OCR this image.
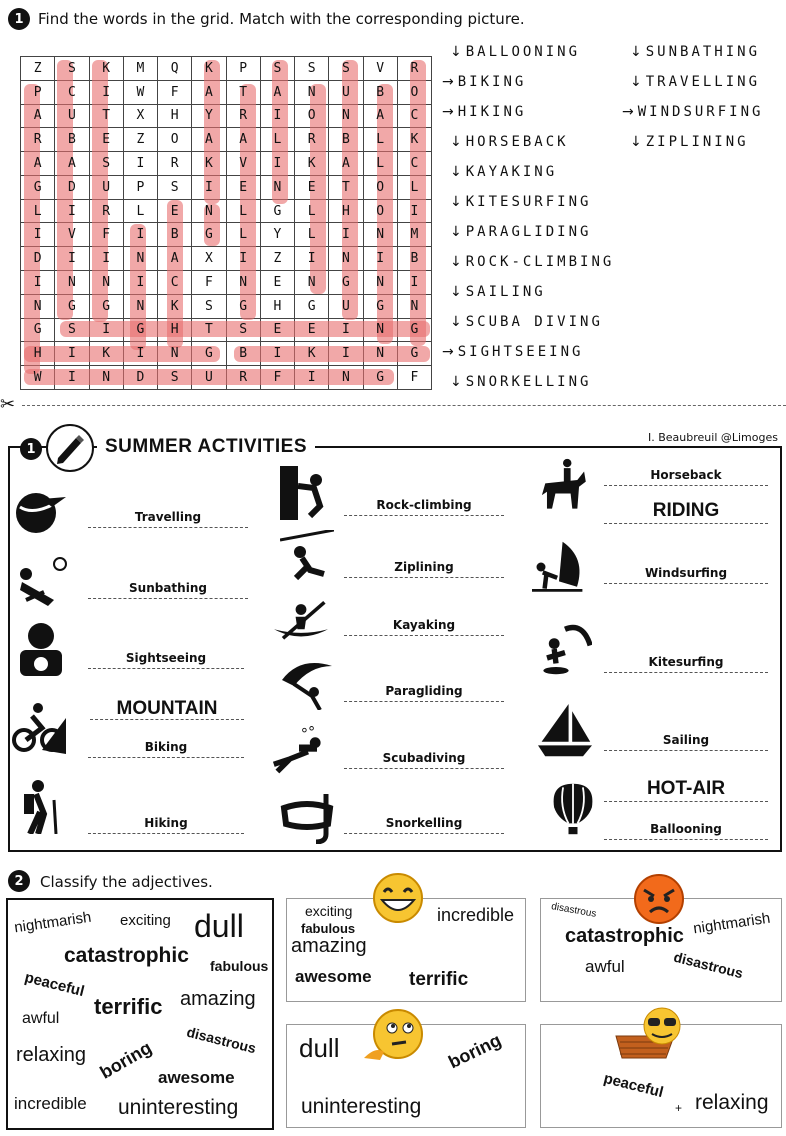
1 Find the words in the grid. Match with the corresponding picture.
Z	S	K	M	Q	K	P	S	S	S	V	R
P	C	I	W	F	A	T	A	N	U	B	O
A	U	T	X	H	Y	R	I	O	N	A	C
R	B	E	Z	O	A	A	L	R	B	L	K
A	A	S	I	R	K	V	I	K	A	L	C
G	D	U	P	S	I	E	N	E	T	O	L
L	I	R	L	E	N	L	G	L	H	O	I
I	V	F	I	B	G	L	Y	L	I	N	M
D	I	I	N	A	X	I	Z	I	N	I	B
I	N	N	I	C	F	N	E	N	G	N	I
N	G	G	N	K	S	G	H	G	U	G	N
G	S	I	G	H	T	S	E	E	I	N	G
H	I	K	I	N	G	B	I	K	I	N	G
W	I	N	D	S	U	R	F	I	N	G	F
↓ BALLOONING
→ BIKING
→ HIKING
↓ HORSEBACK
↓ KAYAKING
↓ KITESURFING
↓ PARAGLIDING
↓ ROCK-CLIMBING
↓ SAILING
↓ SCUBA DIVING
→ SIGHTSEEING
↓ SNORKELLING
↓ SUNBATHING
↓ TRAVELLING
→ WINDSURFING
↓ ZIPLINING
✂
I. Beaubreuil @Limoges
1	SUMMER ACTIVITIES
Travelling
Sunbathing
Sightseeing
MOUNTAIN
Biking
Hiking
Rock-climbing
Ziplining
Kayaking
Paragliding
Scubadiving
Snorkelling
Horseback
RIDING
Windsurfing
Kitesurfing
Sailing
HOT-AIR
Ballooning
2	Classify the adjectives.
nightmarish exciting dull
catastrophic fabulous
peaceful
terrific amazing
awful
disastrous
relaxing boring awesome
incredible uninteresting
exciting
fabulous
amazing
incredible
awesome terrific
disastrous
catastrophic nightmarish
awful	disastrous
dull	boring
uninteresting
peaceful
+ relaxing
